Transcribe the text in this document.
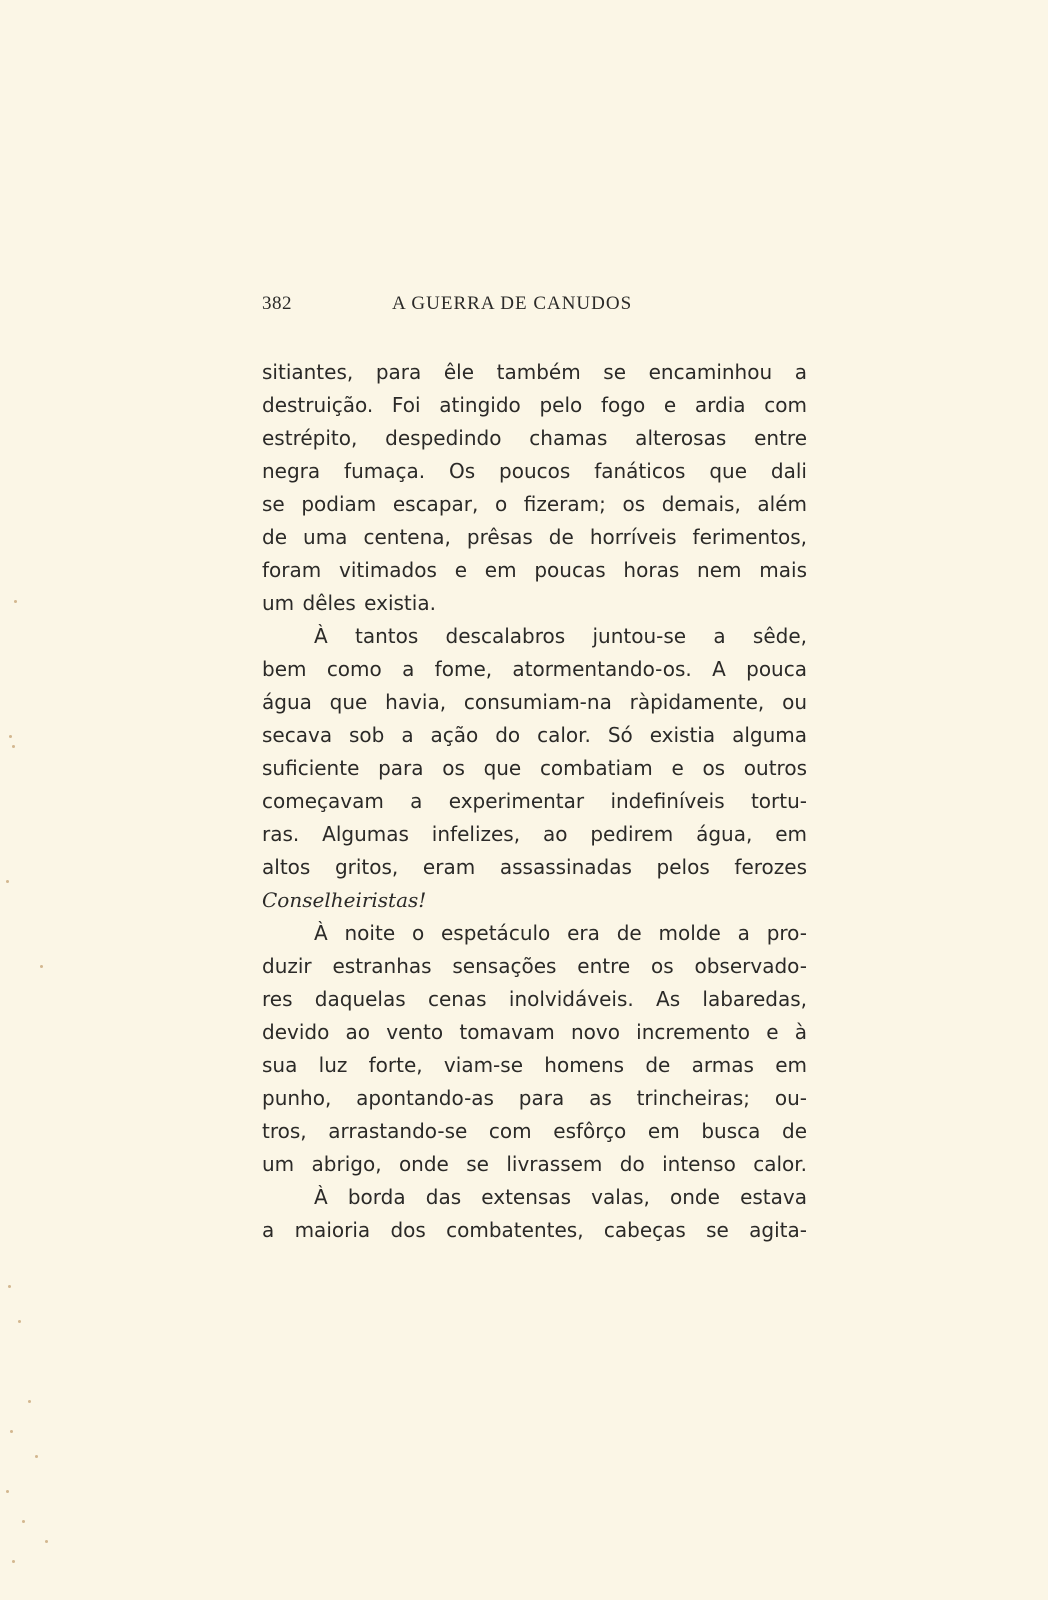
382	A GUERRA DE CANUDOS
sitiantes, para êle também se encaminhou a
destruição. Foi atingido pelo fogo e ardia com
estrépito, despedindo chamas alterosas entre
negra fumaça. Os poucos fanáticos que dali
se podiam escapar, o fizeram; os demais, além
de uma centena, prêsas de horríveis ferimentos,
foram vitimados e em poucas horas nem mais
um dêles existia.
À tantos descalabros juntou-se a sêde,
bem como a fome, atormentando-os. A pouca
água que havia, consumiam-na ràpidamente, ou
secava sob a ação do calor. Só existia alguma
suficiente para os que combatiam e os outros
começavam a experimentar indefiníveis tortu-
ras. Algumas infelizes, ao pedirem água, em
altos gritos, eram assassinadas pelos ferozes
Conselheiristas!
À noite o espetáculo era de molde a pro-
duzir estranhas sensações entre os observado-
res daquelas cenas inolvidáveis. As labaredas,
devido ao vento tomavam novo incremento e à
sua luz forte, viam-se homens de armas em
punho, apontando-as para as trincheiras; ou-
tros, arrastando-se com esfôrço em busca de
um abrigo, onde se livrassem do intenso calor.
À borda das extensas valas, onde estava
a maioria dos combatentes, cabeças se agita-
